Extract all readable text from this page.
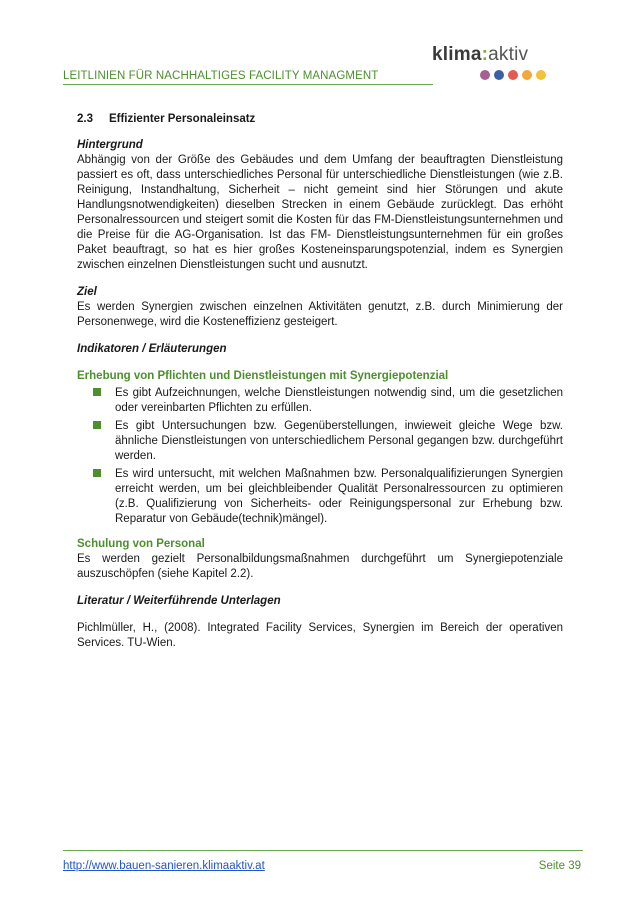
LEITLINIEN FÜR NACHHALTIGES FACILITY MANAGMENT
klima:aktiv

2.3     Effizienter Personaleinsatz

Hintergrund

Abhängig von der Größe des Gebäudes und dem Umfang der beauftragten Dienstleistung passiert es oft, dass unterschiedliches Personal für unterschiedliche Dienstleistungen (wie z.B. Reinigung, Instandhaltung, Sicherheit – nicht gemeint sind hier Störungen und akute Handlungsnotwendigkeiten) dieselben Strecken in einem Gebäude zurücklegt. Das erhöht Personalressourcen und steigert somit die Kosten für das FM-Dienstleistungsunternehmen und die Preise für die AG-Organisation. Ist das FM- Dienstleistungsunternehmen für ein großes Paket beauftragt, so hat es hier großes Kosteneinsparungspotenzial, indem es Synergien zwischen einzelnen Dienstleistungen sucht und ausnutzt.

Ziel

Es werden Synergien zwischen einzelnen Aktivitäten genutzt, z.B. durch Minimierung der Personenwege, wird die Kosteneffizienz gesteigert.

Indikatoren / Erläuterungen

Erhebung von Pflichten und Dienstleistungen mit Synergiepotenzial

Es gibt Aufzeichnungen, welche Dienstleistungen notwendig sind, um die gesetzlichen oder vereinbarten Pflichten zu erfüllen.
Es gibt Untersuchungen bzw. Gegenüberstellungen, inwieweit gleiche Wege bzw. ähnliche Dienstleistungen von unterschiedlichem Personal gegangen bzw. durchgeführt werden.
Es wird untersucht, mit welchen Maßnahmen bzw. Personalqualifizierungen Synergien erreicht werden, um bei gleichbleibender Qualität Personalressourcen zu optimieren (z.B. Qualifizierung von Sicherheits- oder Reinigungspersonal zur Erhebung bzw. Reparatur von Gebäude(technik)mängel).

Schulung von Personal

Es werden gezielt Personalbildungsmaßnahmen durchgeführt um Synergiepotenziale auszuschöpfen (siehe Kapitel 2.2).

Literatur / Weiterführende Unterlagen

Pichlmüller, H., (2008). Integrated Facility Services, Synergien im Bereich der operativen Services. TU-Wien.

http://www.bauen-sanieren.klimaaktiv.at	Seite 39
